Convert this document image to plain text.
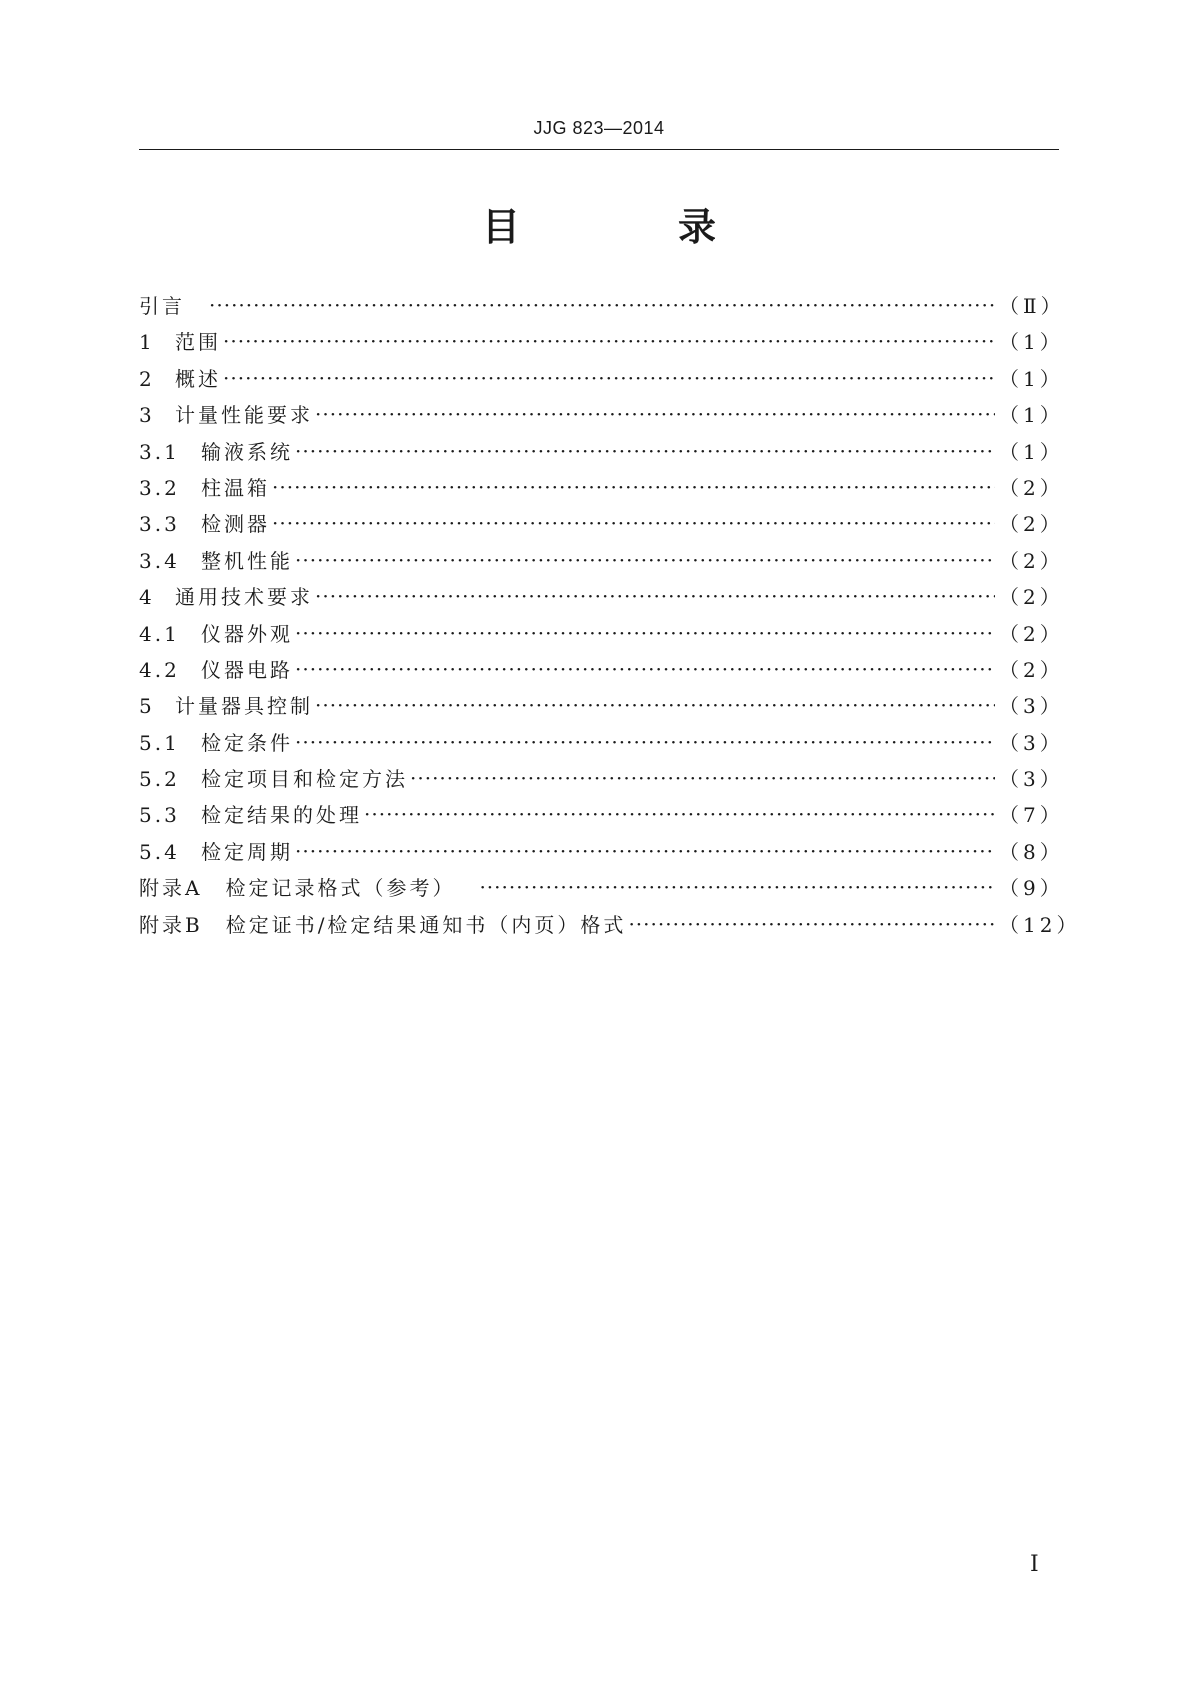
JJG 823—2014
目　录
引言 ·····	（Ⅱ）
1	范围 ·····	（1）
2	概述 ·····	（1）
3	计量性能要求 ·····	（1）
3.1	输液系统 ·····	（1）
3.2	柱温箱 ·····	（2）
3.3	检测器 ·····	（2）
3.4	整机性能 ·····	（2）
4	通用技术要求 ·····	（2）
4.1	仪器外观 ·····	（2）
4.2	仪器电路 ·····	（2）
5	计量器具控制 ·····	（3）
5.1	检定条件 ·····	（3）
5.2	检定项目和检定方法 ·····	（3）
5.3	检定结果的处理 ·····	（7）
5.4	检定周期 ·····	（8）
附录A　检定记录格式（参考） ·····	（9）
附录B　检定证书/检定结果通知书（内页）格式 ·····	（12）
Ⅰ
